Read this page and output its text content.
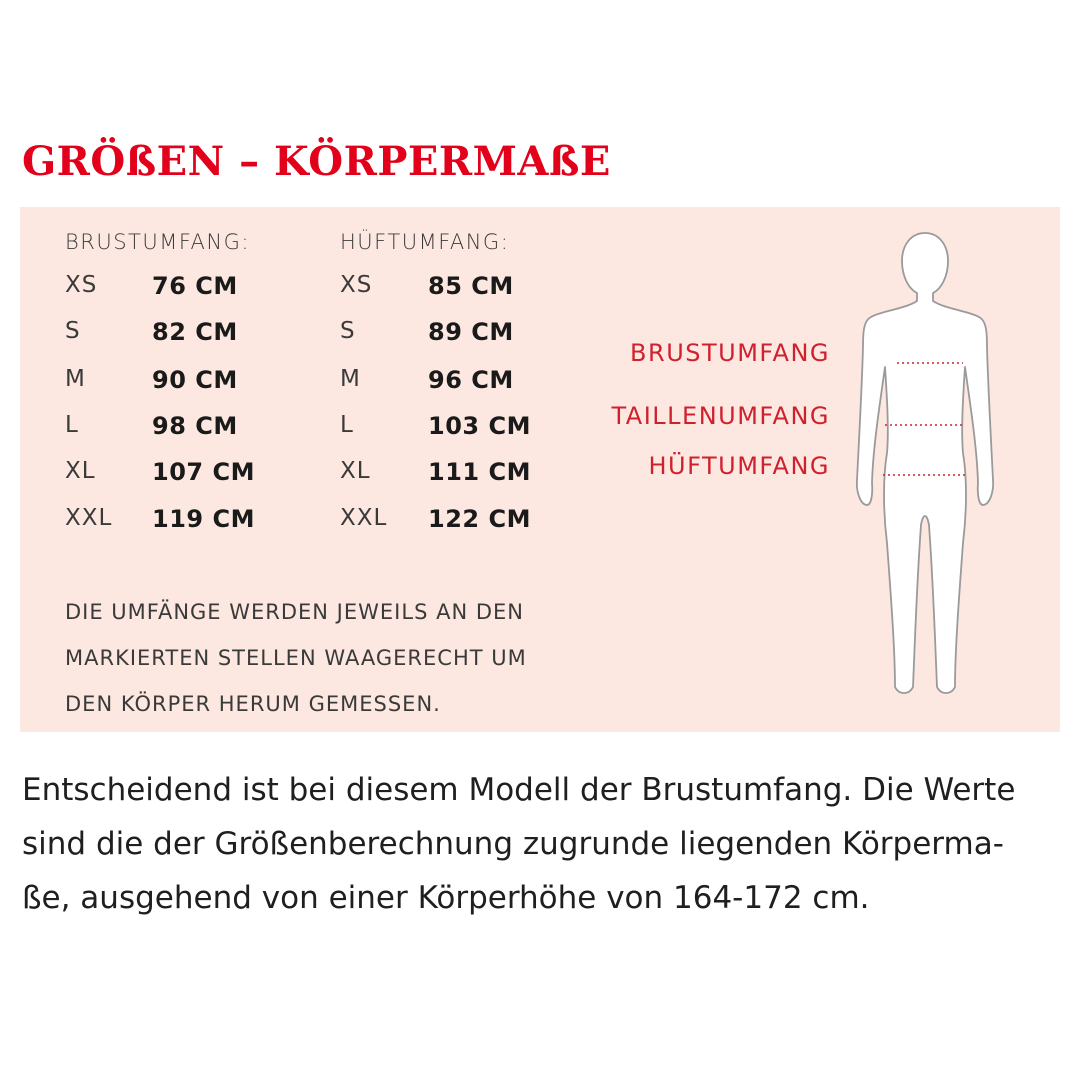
GRÖßEN – KÖRPERMAßE
BRUSTUMFANG:
XS 76 CM
S	82 CM
M	90 CM
L	98 CM
XL 107 CM
XXL 119 CM
HÜFTUMFANG:
XS 85 CM
S	89 CM
M	96 CM
L	103 CM
XL 111 CM
XXL 122 CM
DIE UMFÄNGE WERDEN JEWEILS AN DEN
MARKIERTEN STELLEN WAAGERECHT UM
DEN KÖRPER HERUM GEMESSEN.
BRUSTUMFANG
TAILLENUMFANG
HÜFTUMFANG
Entscheidend ist bei diesem Modell der Brustumfang. Die Werte
sind die der Größenberechnung zugrunde liegenden Körperma-
ße, ausgehend von einer Körperhöhe von 164-172 cm.
